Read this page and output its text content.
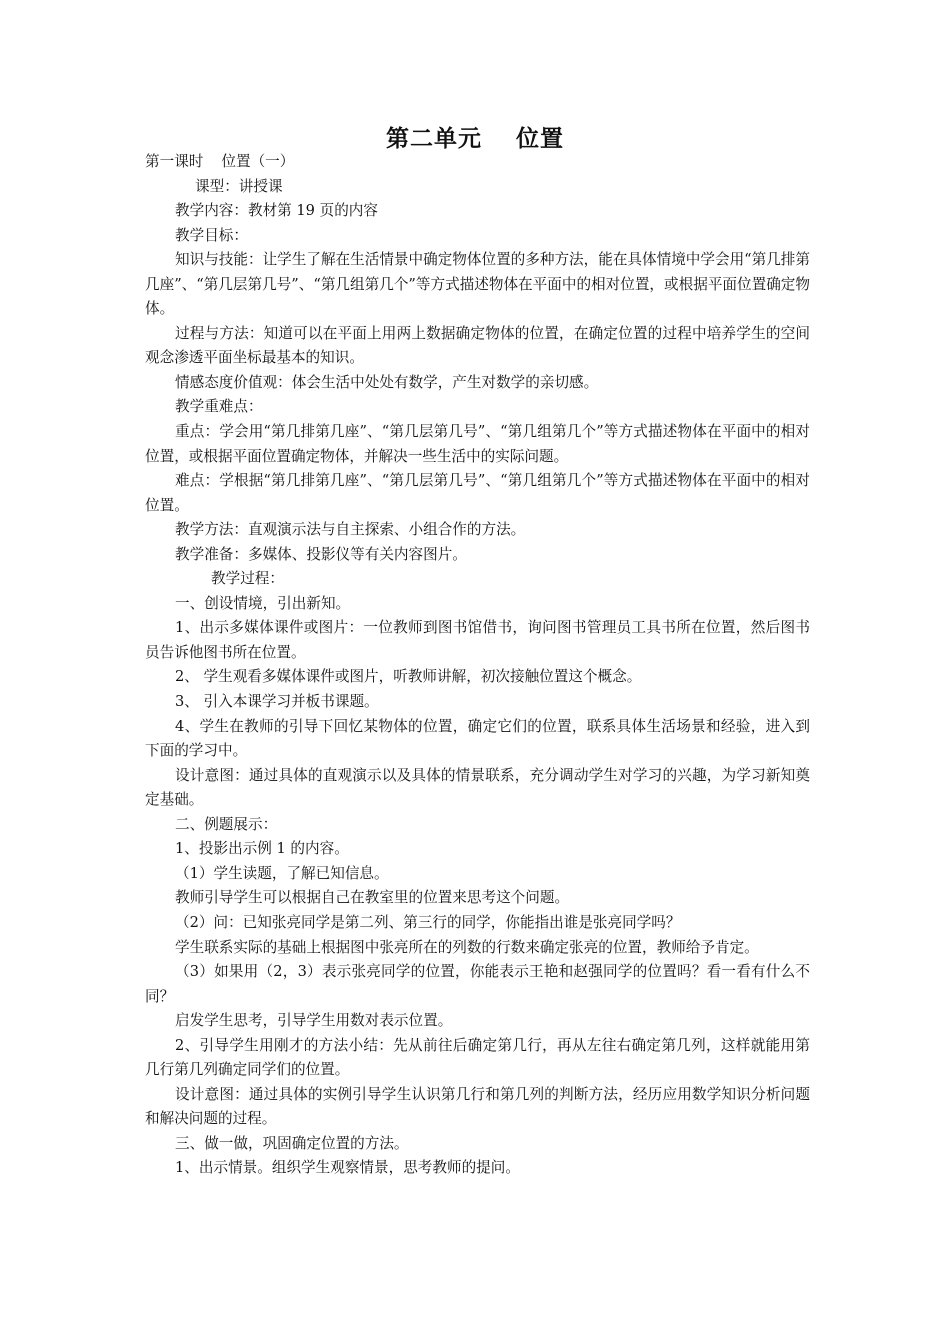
第二单元 位置

第一课时 位置（一）

课型：讲授课

教学内容：教材第 19 页的内容

教学目标：

知识与技能：让学生了解在生活情景中确定物体位置的多种方法，能在具体情境中学会用“第几排第几座”、“第几层第几号”、“第几组第几个”等方式描述物体在平面中的相对位置，或根据平面位置确定物体。

过程与方法：知道可以在平面上用两上数据确定物体的位置，在确定位置的过程中培养学生的空间观念渗透平面坐标最基本的知识。

情感态度价值观：体会生活中处处有数学，产生对数学的亲切感。

教学重难点：

重点：学会用“第几排第几座”、“第几层第几号”、“第几组第几个”等方式描述物体在平面中的相对位置，或根据平面位置确定物体，并解决一些生活中的实际问题。

难点：学根据“第几排第几座”、“第几层第几号”、“第几组第几个”等方式描述物体在平面中的相对位置。

教学方法：直观演示法与自主探索、小组合作的方法。

教学准备：多媒体、投影仪等有关内容图片。

教学过程：

一、创设情境，引出新知。

1、出示多媒体课件或图片：一位教师到图书馆借书，询问图书管理员工具书所在位置，然后图书员告诉他图书所在位置。

2、 学生观看多媒体课件或图片，听教师讲解，初次接触位置这个概念。

3、 引入本课学习并板书课题。

4、学生在教师的引导下回忆某物体的位置，确定它们的位置，联系具体生活场景和经验，进入到下面的学习中。

设计意图：通过具体的直观演示以及具体的情景联系，充分调动学生对学习的兴趣，为学习新知奠定基础。

二、例题展示：

1、投影出示例 1 的内容。

（1）学生读题，了解已知信息。

教师引导学生可以根据自己在教室里的位置来思考这个问题。

（2）问：已知张亮同学是第二列、第三行的同学，你能指出谁是张亮同学吗？

学生联系实际的基础上根据图中张亮所在的列数的行数来确定张亮的位置，教师给予肯定。

（3）如果用（2，3）表示张亮同学的位置，你能表示王艳和赵强同学的位置吗？看一看有什么不同？

启发学生思考，引导学生用数对表示位置。

2、引导学生用刚才的方法小结：先从前往后确定第几行，再从左往右确定第几列，这样就能用第几行第几列确定同学们的位置。

设计意图：通过具体的实例引导学生认识第几行和第几列的判断方法，经历应用数学知识分析问题和解决问题的过程。

三、做一做，巩固确定位置的方法。

1、出示情景。组织学生观察情景，思考教师的提问。
